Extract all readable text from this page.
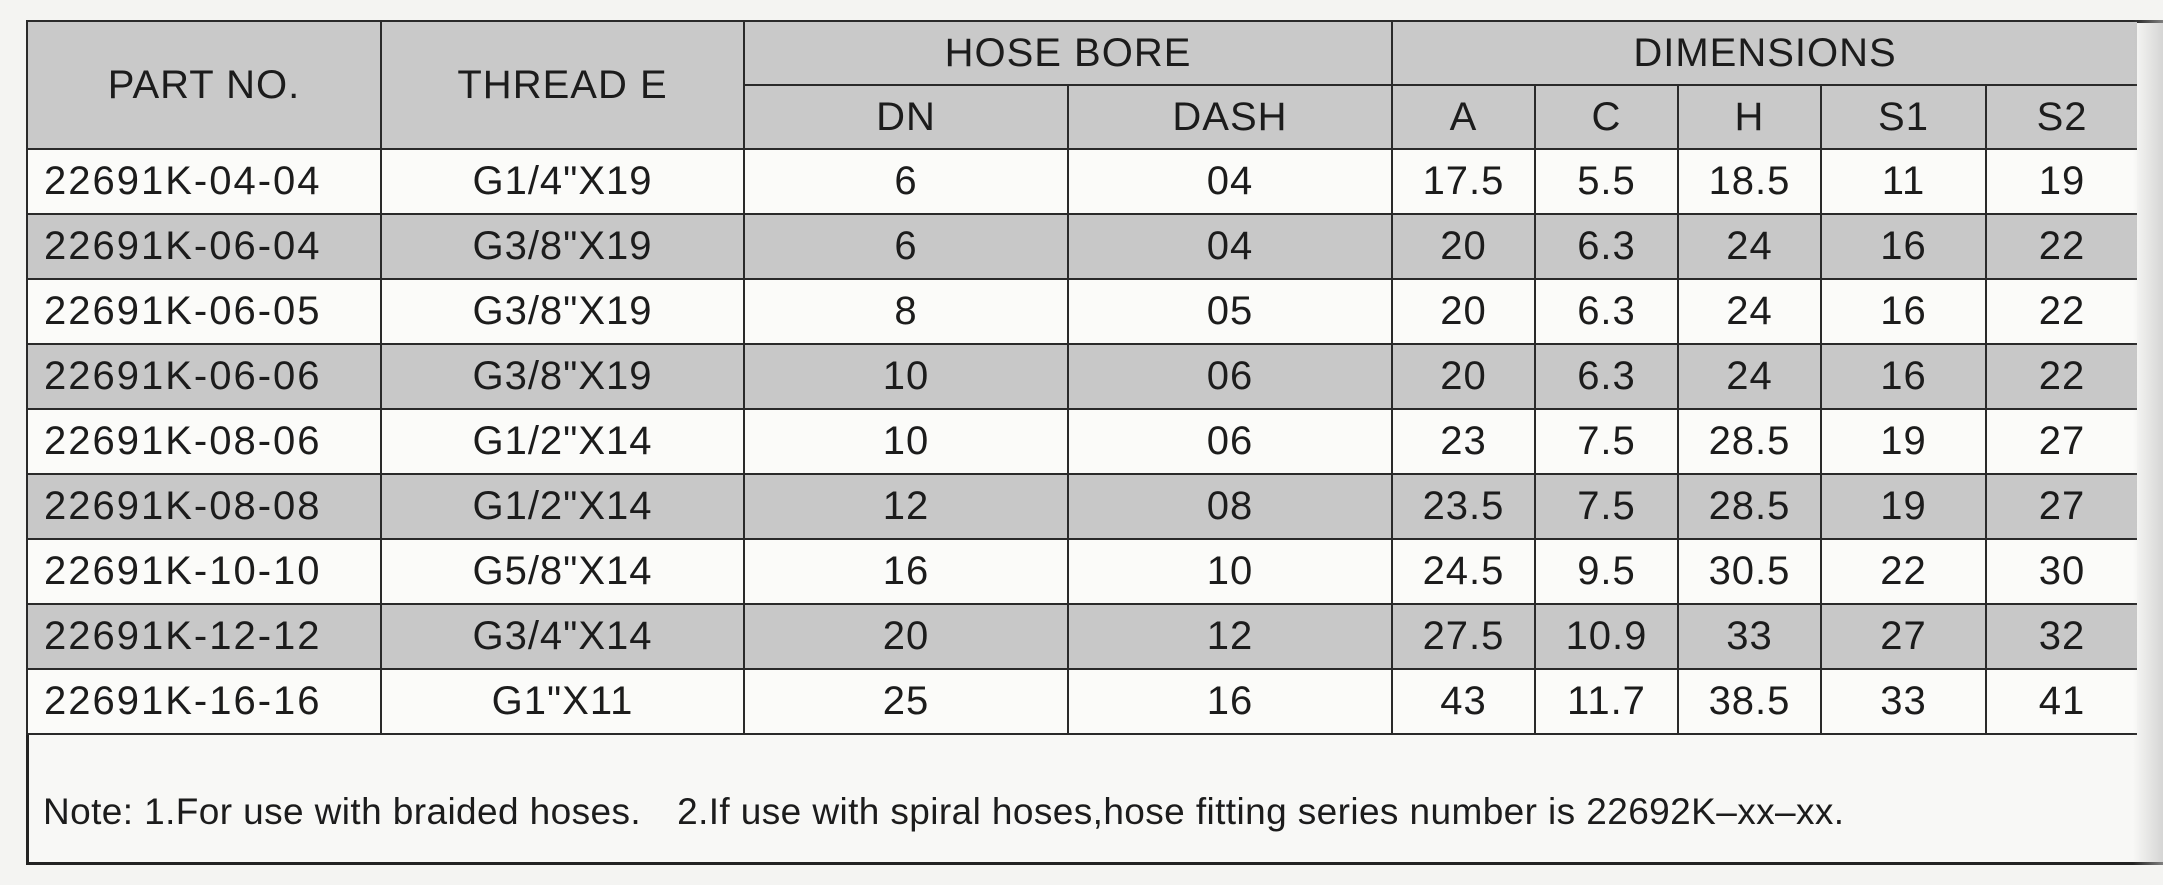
PART NO.	THREAD E	HOSE BORE		DIMENSIONS				
		DN	DASH	A	C	H	S1	S2
22691K-04-04	G1/4"X19	6	04	17.5	5.5	18.5	11	19
22691K-06-04	G3/8"X19	6	04	20	6.3	24	16	22
22691K-06-05	G3/8"X19	8	05	20	6.3	24	16	22
22691K-06-06	G3/8"X19	10	06	20	6.3	24	16	22
22691K-08-06	G1/2"X14	10	06	23	7.5	28.5	19	27
22691K-08-08	G1/2"X14	12	08	23.5	7.5	28.5	19	27
22691K-10-10	G5/8"X14	16	10	24.5	9.5	30.5	22	30
22691K-12-12	G3/4"X14	20	12	27.5	10.9	33	27	32
22691K-16-16	G1"X11	25	16	43	11.7	38.5	33	41
Note: 1.For use with braided hoses. 2.If use with spiral hoses,hose fitting series number is 22692K–xx–xx.
